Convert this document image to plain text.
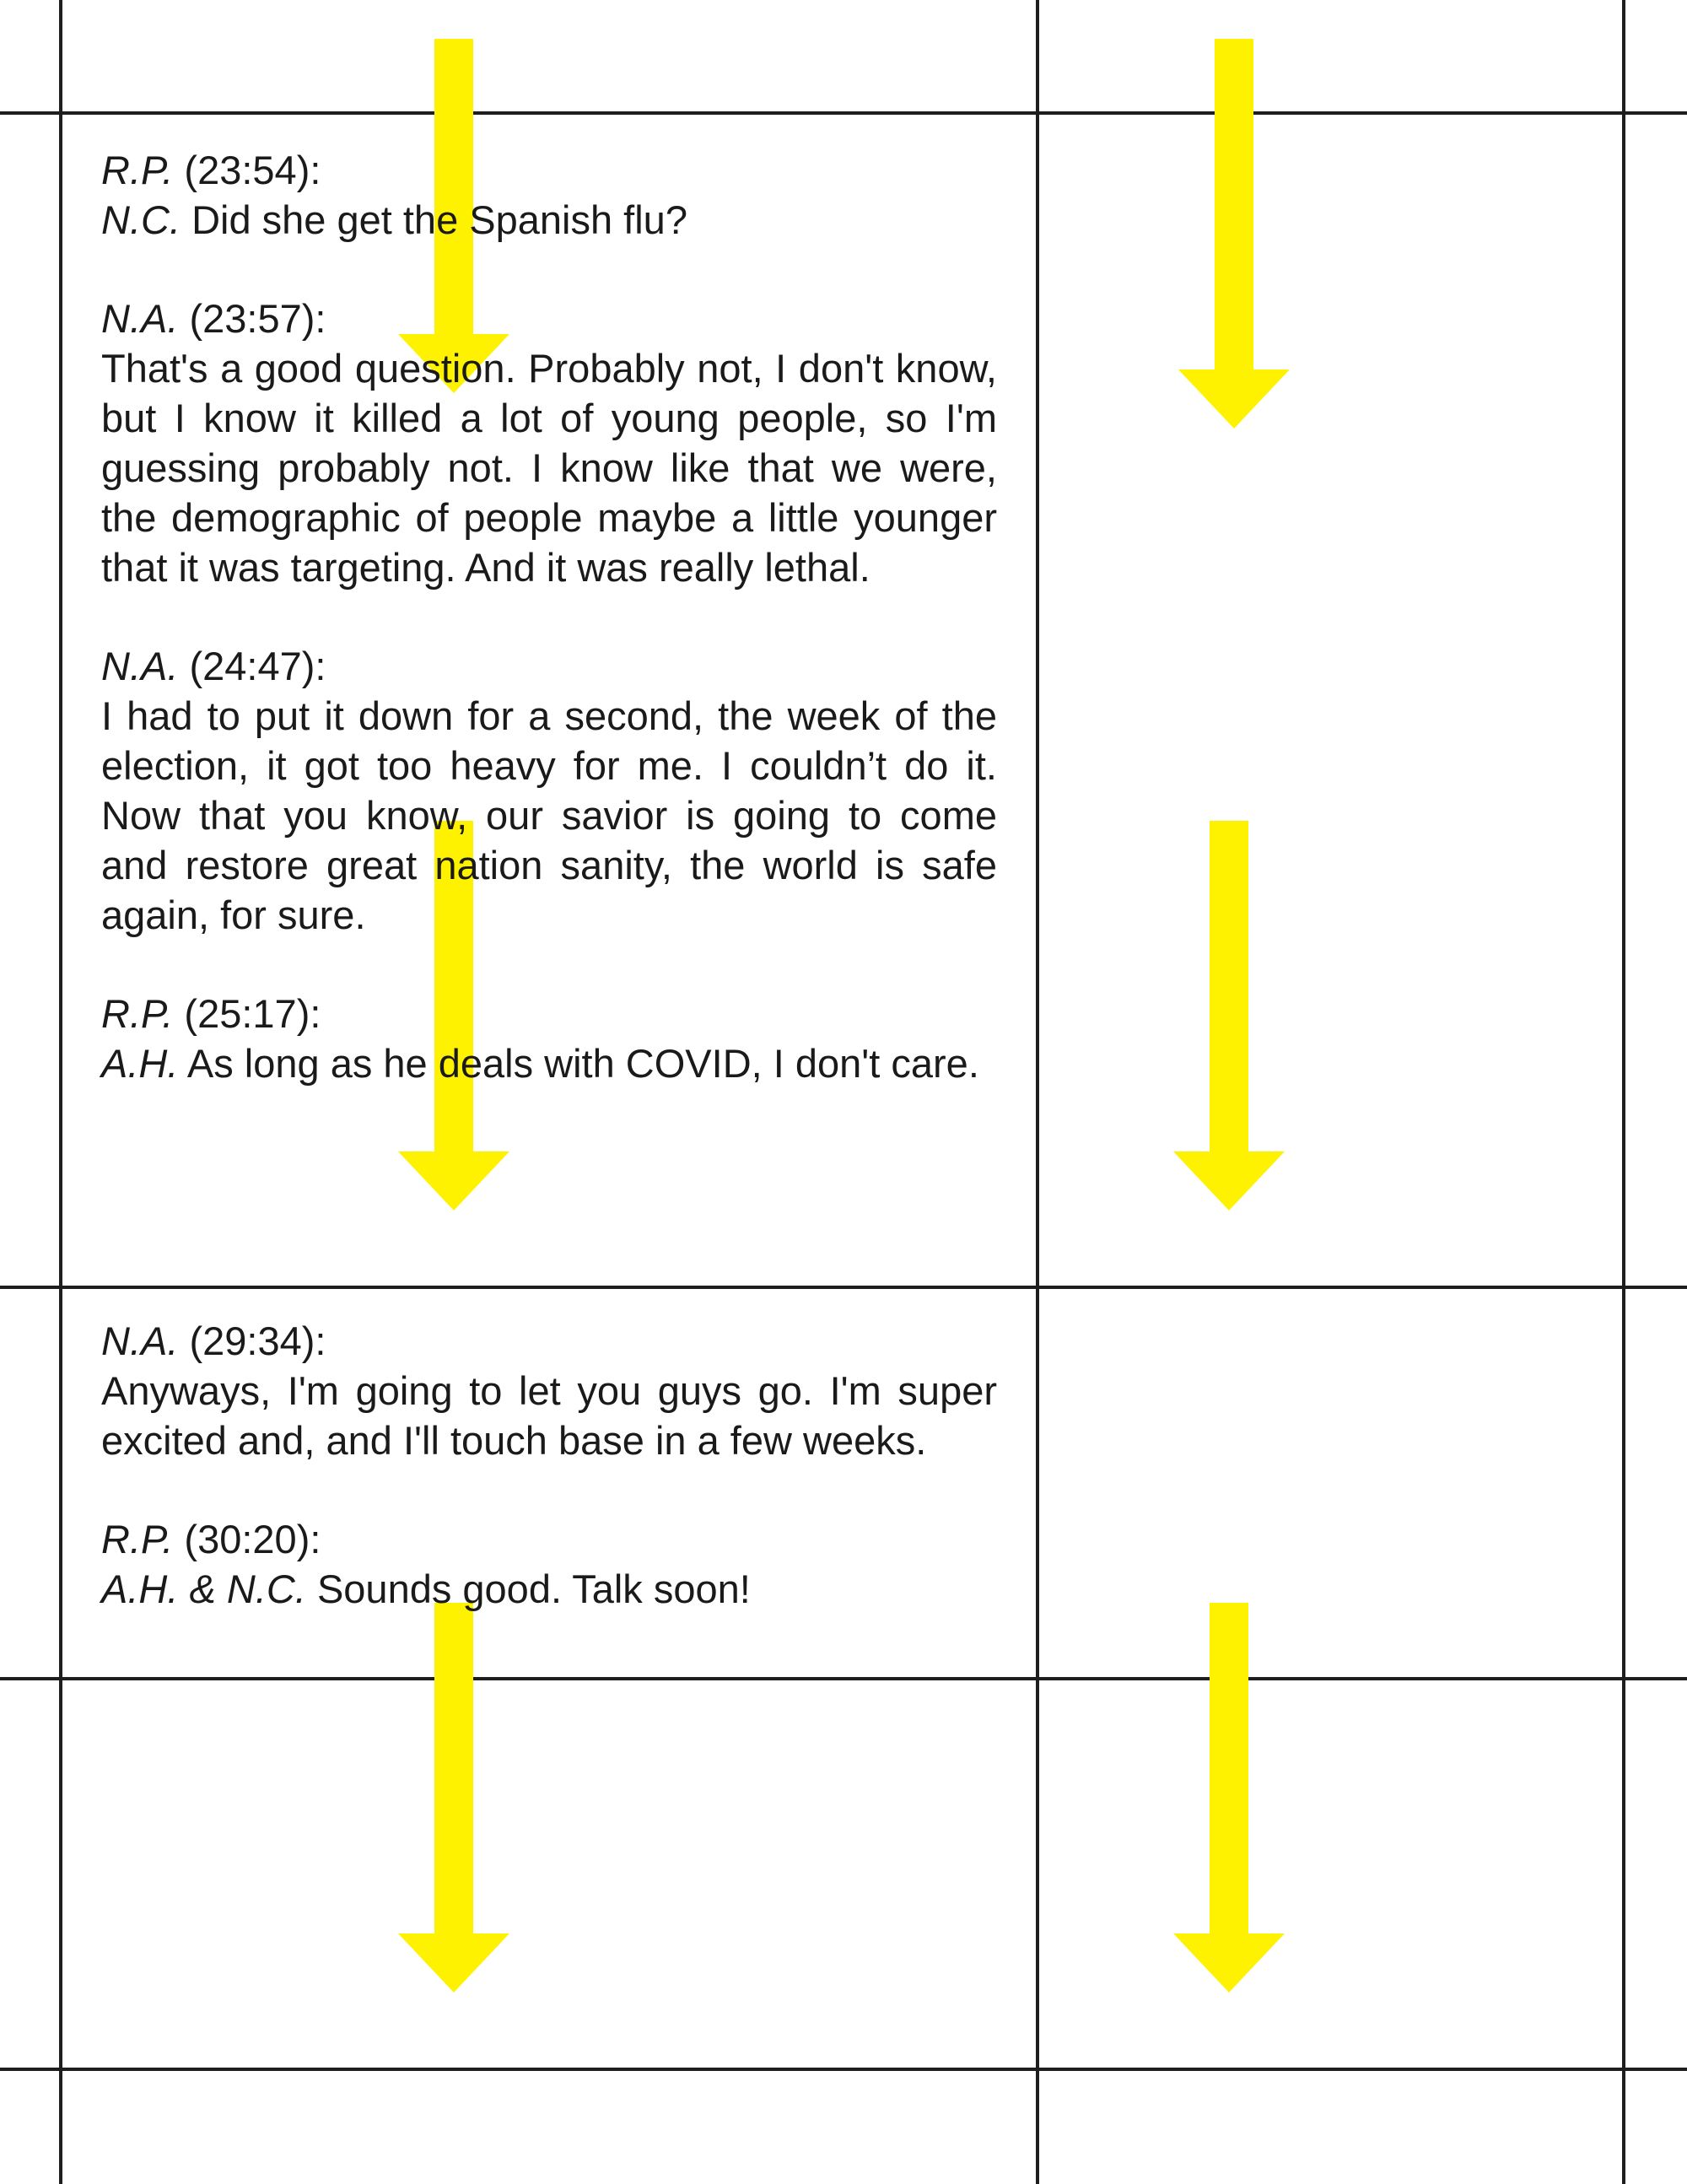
R.P. (23:54):
N.C. Did she get the Spanish flu?
N.A. (23:57):
That's a good question. Probably not, I don't know, but I know it killed a lot of young people, so I'm guessing probably not. I know like that we were, the demographic of people maybe a little younger that it was targeting. And it was really lethal.
N.A. (24:47):
I had to put it down for a second, the week of the election, it got too heavy for me. I couldn’t do it. Now that you know, our savior is going to come and restore great nation sanity, the world is safe again, for sure.
R.P. (25:17):
A.H. As long as he deals with COVID, I don't care.
N.A. (29:34):
Anyways, I'm going to let you guys go. I'm super excited and, and I'll touch base in a few weeks.
R.P. (30:20):
A.H. & N.C. Sounds good. Talk soon!
